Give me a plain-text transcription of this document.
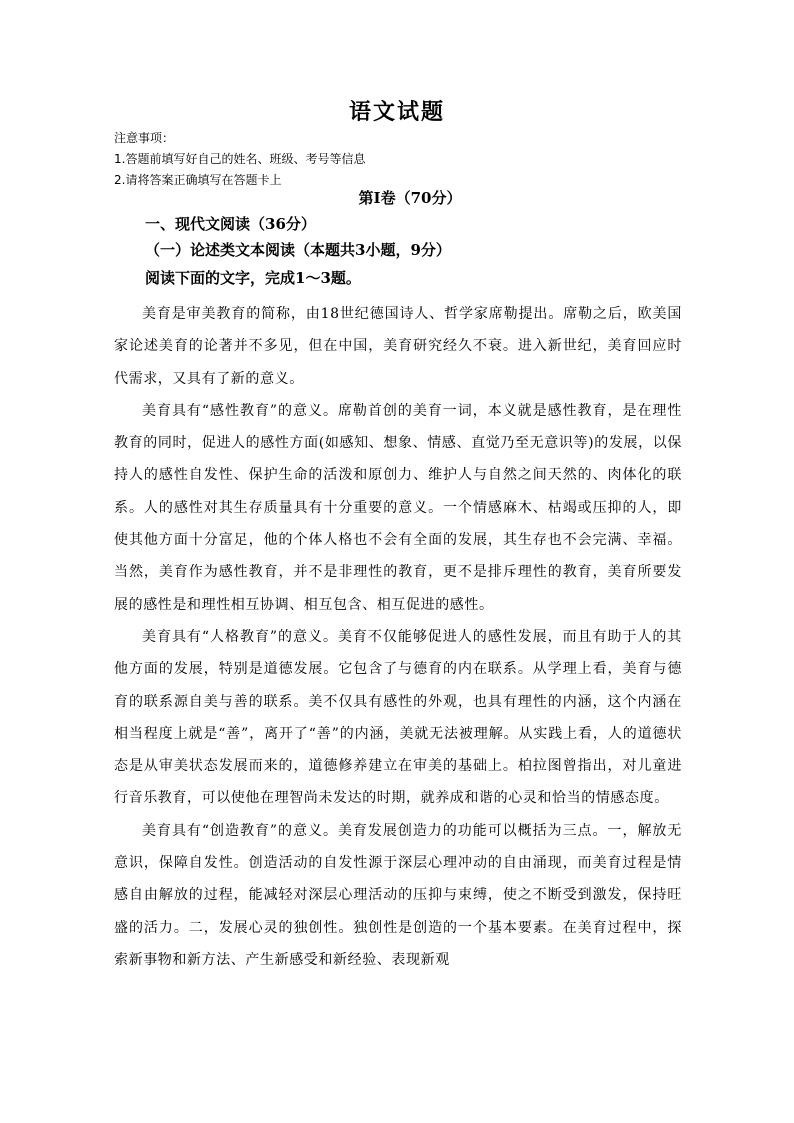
语文试题
注意事项：
1.答题前填写好自己的姓名、班级、考号等信息
2.请将答案正确填写在答题卡上
第Ⅰ卷（70分）
一、现代文阅读（36分）
（一）论述类文本阅读（本题共3小题，9分）
阅读下面的文字，完成1～3题。

美育是审美教育的简称，由18世纪德国诗人、哲学家席勒提出。席勒之后，欧美国家论述美育的论著并不多见，但在中国，美育研究经久不衰。进入新世纪，美育回应时代需求，又具有了新的意义。

美育具有“感性教育”的意义。席勒首创的美育一词，本义就是感性教育，是在理性教育的同时，促进人的感性方面(如感知、想象、情感、直觉乃至无意识等)的发展，以保持人的感性自发性、保护生命的活泼和原创力、维护人与自然之间天然的、肉体化的联系。人的感性对其生存质量具有十分重要的意义。一个情感麻木、枯竭或压抑的人，即使其他方面十分富足，他的个体人格也不会有全面的发展，其生存也不会完满、幸福。当然，美育作为感性教育，并不是非理性的教育，更不是排斥理性的教育，美育所要发展的感性是和理性相互协调、相互包含、相互促进的感性。

美育具有“人格教育”的意义。美育不仅能够促进人的感性发展，而且有助于人的其他方面的发展，特别是道德发展。它包含了与德育的内在联系。从学理上看，美育与德育的联系源自美与善的联系。美不仅具有感性的外观，也具有理性的内涵，这个内涵在相当程度上就是“善”，离开了“善”的内涵，美就无法被理解。从实践上看，人的道德状态是从审美状态发展而来的，道德修养建立在审美的基础上。柏拉图曾指出，对儿童进行音乐教育，可以使他在理智尚未发达的时期，就养成和谐的心灵和恰当的情感态度。

美育具有“创造教育”的意义。美育发展创造力的功能可以概括为三点。一，解放无意识，保障自发性。创造活动的自发性源于深层心理冲动的自由涌现，而美育过程是情感自由解放的过程，能减轻对深层心理活动的压抑与束缚，使之不断受到激发，保持旺盛的活力。二，发展心灵的独创性。独创性是创造的一个基本要素。在美育过程中，探索新事物和新方法、产生新感受和新经验、表现新观
